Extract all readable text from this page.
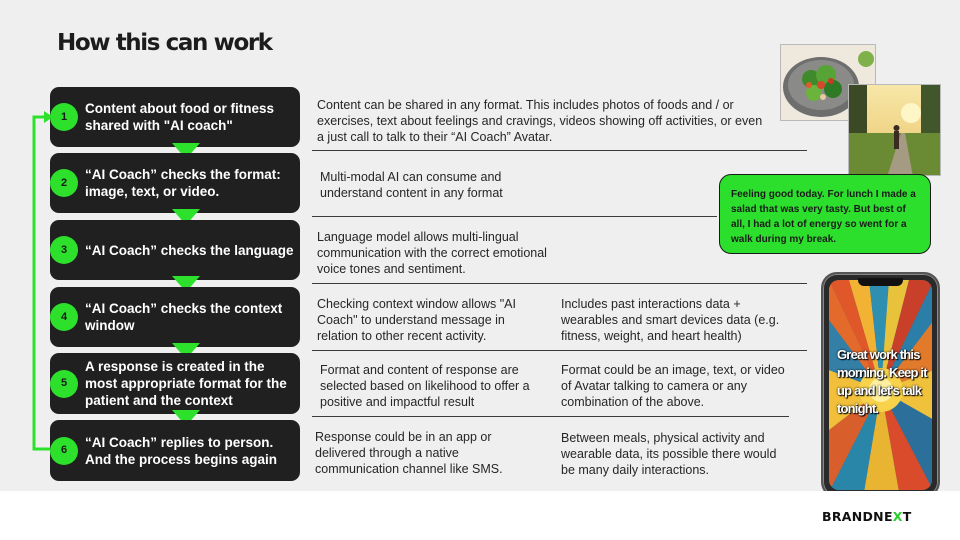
How this can work
1
Content about food or fitness shared with "AI coach"
2
“AI Coach” checks the format: image, text, or video.
3	“AI Coach” checks the language
4
“AI Coach” checks the context window
5
A response is created in the most appropriate format for the patient and the context
6
“AI Coach” replies to person. And the process begins again
Content can be shared in any format. This includes photos of foods and / or exercises, text about feelings and cravings, videos showing off activities, or even a just call to talk to their “AI Coach” Avatar.
Multi-modal AI can consume and understand content in any format
Language model allows multi-lingual communication with the correct emotional voice tones and sentiment.
Checking context window allows "AI Coach" to understand message in relation to other recent activity.
Includes past interactions data + wearables and smart devices data (e.g. fitness, weight, and heart health)
Format and content of response are selected based on likelihood to offer a positive and impactful result
Format could be an image, text, or video of Avatar talking to camera or any combination of the above.
Response could be in an app or delivered through a native communication channel like SMS.
Between meals, physical activity and wearable data, its possible there would be many daily interactions.
Feeling good today. For lunch I made a salad that was very tasty. But best of all, I had a lot of energy so went for a walk during my break.
Great work this morning. Keep it up and let's talk tonight.
BRANDNEXT
